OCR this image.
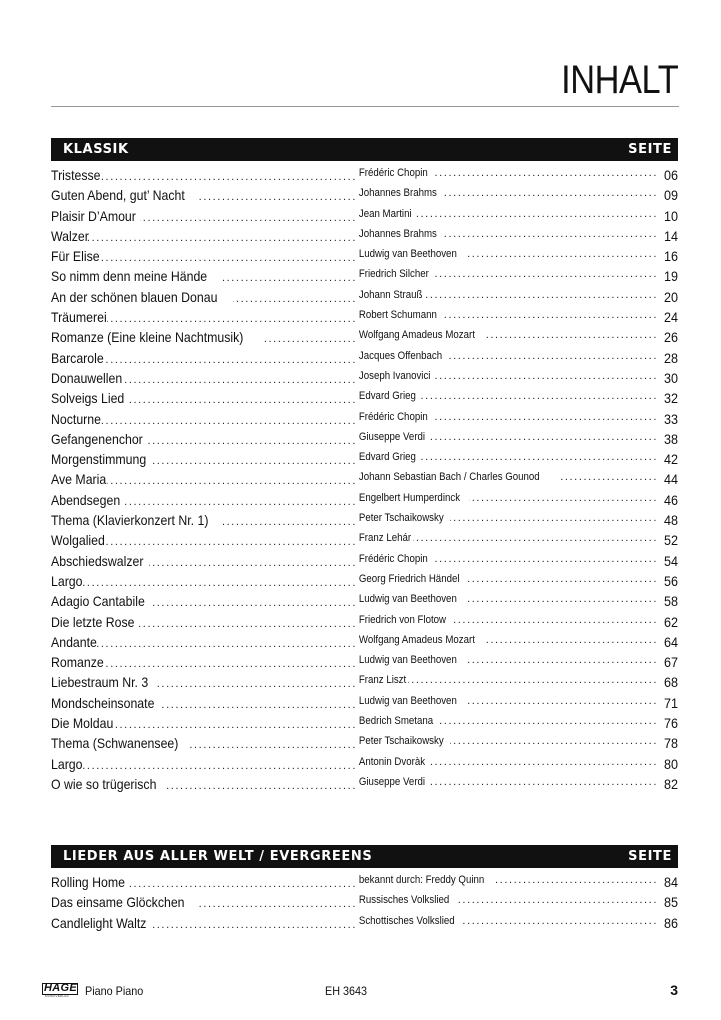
INHALT
KLASSIK	SEITE
Tristesse .....	Frédéric Chopin .....	06
Guten Abend, gut’ Nacht .....	Johannes Brahms .....	09
Plaisir D’Amour .....	Jean Martini .....	10
Walzer .....	Johannes Brahms .....	14
Für Elise .....	Ludwig van Beethoven .....	16
So nimm denn meine Hände .....	Friedrich Silcher .....	19
An der schönen blauen Donau .....	Johann Strauß .....	20
Träumerei .....	Robert Schumann .....	24
Romanze (Eine kleine Nachtmusik) .....	Wolfgang Amadeus Mozart .....	26
Barcarole .....	Jacques Offenbach .....	28
Donauwellen .....	Joseph Ivanovici .....	30
Solveigs Lied .....	Edvard Grieg .....	32
Nocturne .....	Frédéric Chopin .....	33
Gefangenenchor .....	Giuseppe Verdi .....	38
Morgenstimmung .....	Edvard Grieg .....	42
Ave Maria .....	Johann Sebastian Bach / Charles Gounod .....	44
Abendsegen .....	Engelbert Humperdinck .....	46
Thema (Klavierkonzert Nr. 1) .....	Peter Tschaikowsky .....	48
Wolgalied .....	Franz Lehár .....	52
Abschiedswalzer .....	Frédéric Chopin .....	54
Largo .....	Georg Friedrich Händel .....	56
Adagio Cantabile .....	Ludwig van Beethoven .....	58
Die letzte Rose .....	Friedrich von Flotow .....	62
Andante .....	Wolfgang Amadeus Mozart .....	64
Romanze .....	Ludwig van Beethoven .....	67
Liebestraum Nr. 3 .....	Franz Liszt .....	68
Mondscheinsonate .....	Ludwig van Beethoven .....	71
Die Moldau .....	Bedrich Smetana .....	76
Thema (Schwanensee) .....	Peter Tschaikowsky .....	78
Largo .....	Antonin Dvoràk .....	80
O wie so trügerisch .....	Giuseppe Verdi .....	82
LIEDER AUS ALLER WELT / EVERGREENS	SEITE
Rolling Home .....	bekannt durch: Freddy Quinn .....	84
Das einsame Glöckchen .....	Russisches Volkslied .....	85
Candlelight Waltz .....	Schottisches Volkslied .....	86
HAGE
MUSIKVERLAG Piano Piano	EH 3643	3
